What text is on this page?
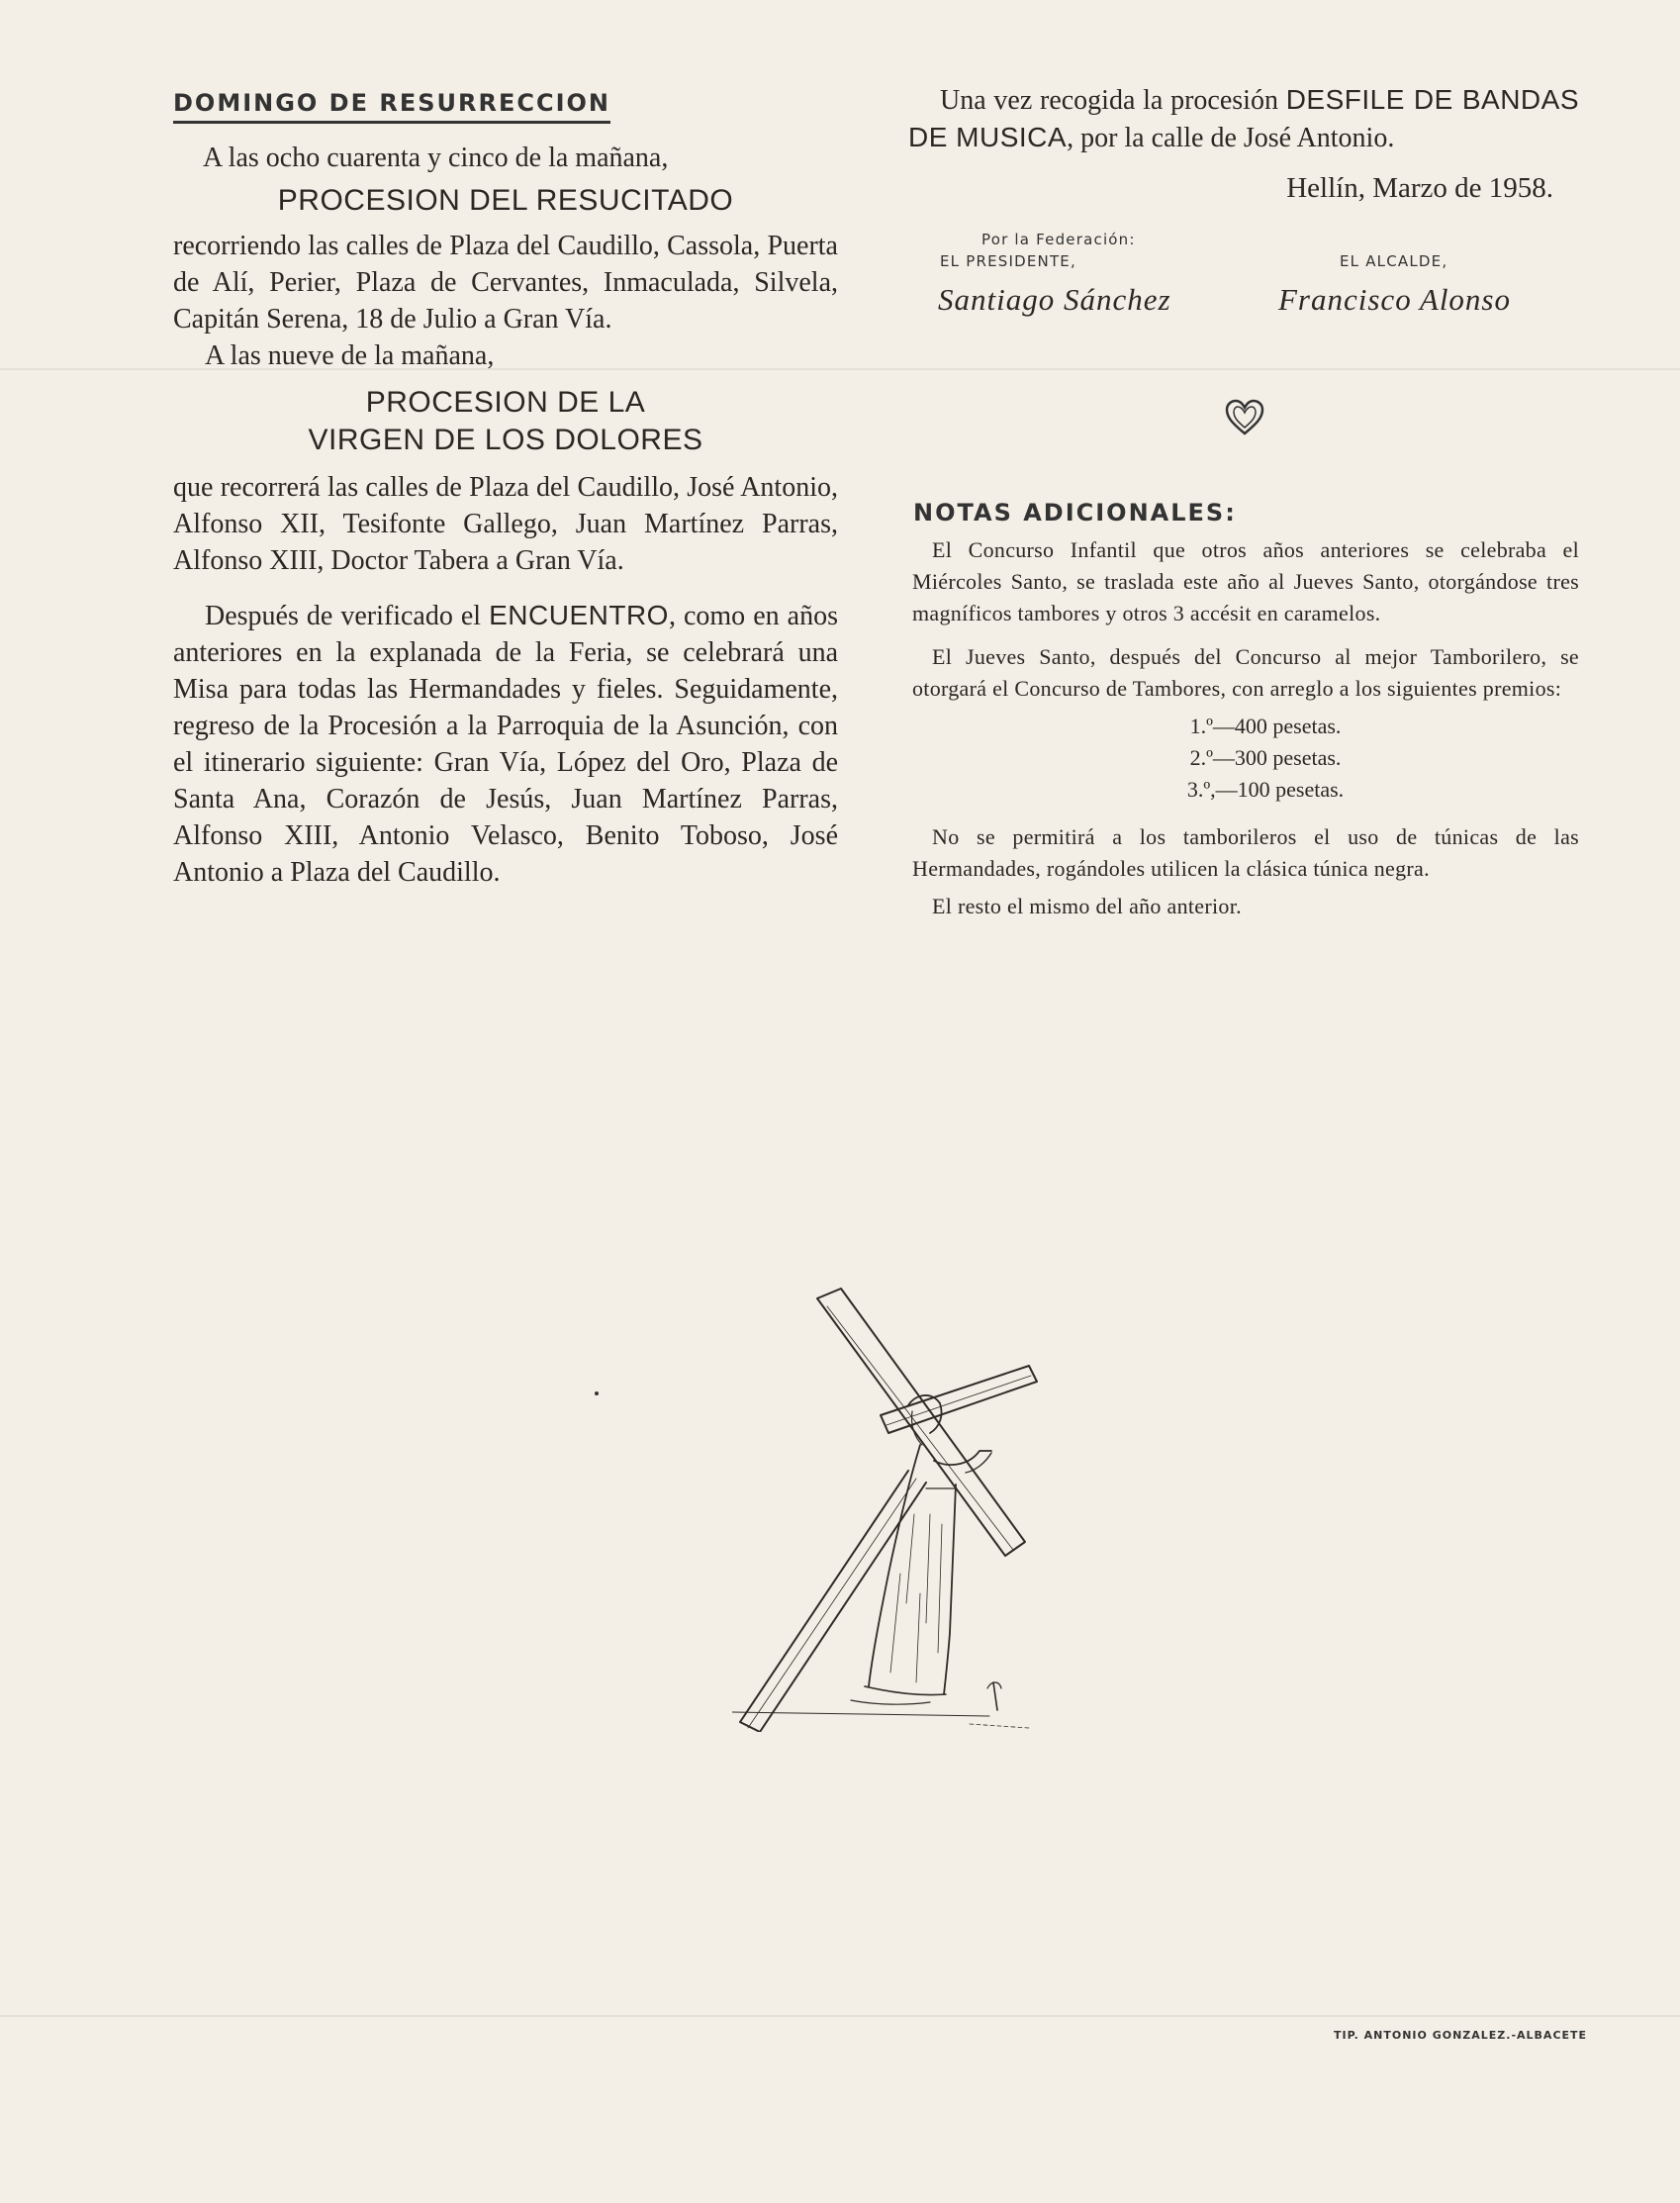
DOMINGO DE RESURRECCION

A las ocho cuarenta y cinco de la mañana,

PROCESION DEL RESUCITADO

recorriendo las calles de Plaza del Caudillo, Cassola, Puerta de Alí, Perier, Plaza de Cervantes, Inmaculada, Silvela, Capitán Serena, 18 de Julio a Gran Vía.

A las nueve de la mañana,

PROCESION DE LA

VIRGEN DE LOS DOLORES

que recorrerá las calles de Plaza del Caudillo, José Antonio, Alfonso XII, Tesifonte Gallego, Juan Martínez Parras, Alfonso XIII, Doctor Tabera a Gran Vía.

Después de verificado el ENCUENTRO, como en años anteriores en la explanada de la Feria, se celebrará una Misa para todas las Hermandades y fieles. Seguidamente, regreso de la Procesión a la Parroquia de la Asunción, con el itinerario siguiente: Gran Vía, López del Oro, Plaza de Santa Ana, Corazón de Jesús, Juan Martínez Parras, Alfonso XIII, Antonio Velasco, Benito Toboso, José Antonio a Plaza del Caudillo.

Una vez recogida la procesión DESFILE DE BANDAS DE MUSICA, por la calle de José Antonio.

Hellín, Marzo de 1958.

Por la Federación:
EL PRESIDENTE,
Santiago Sánchez
EL ALCALDE,
Francisco Alonso
NOTAS ADICIONALES:

El Concurso Infantil que otros años anteriores se celebraba el Miércoles Santo, se traslada este año al Jueves Santo, otorgándose tres magníficos tambores y otros 3 accésit en caramelos.

El Jueves Santo, después del Concurso al mejor Tamborilero, se otorgará el Concurso de Tambores, con arreglo a los siguientes premios:

1.º—400 pesetas.

2.º—300 pesetas.

3.º,—100 pesetas.

No se permitirá a los tamborileros el uso de túnicas de las Hermandades, rogándoles utilicen la clásica túnica negra.

El resto el mismo del año anterior.

TIP. ANTONIO GONZALEZ.-ALBACETE
